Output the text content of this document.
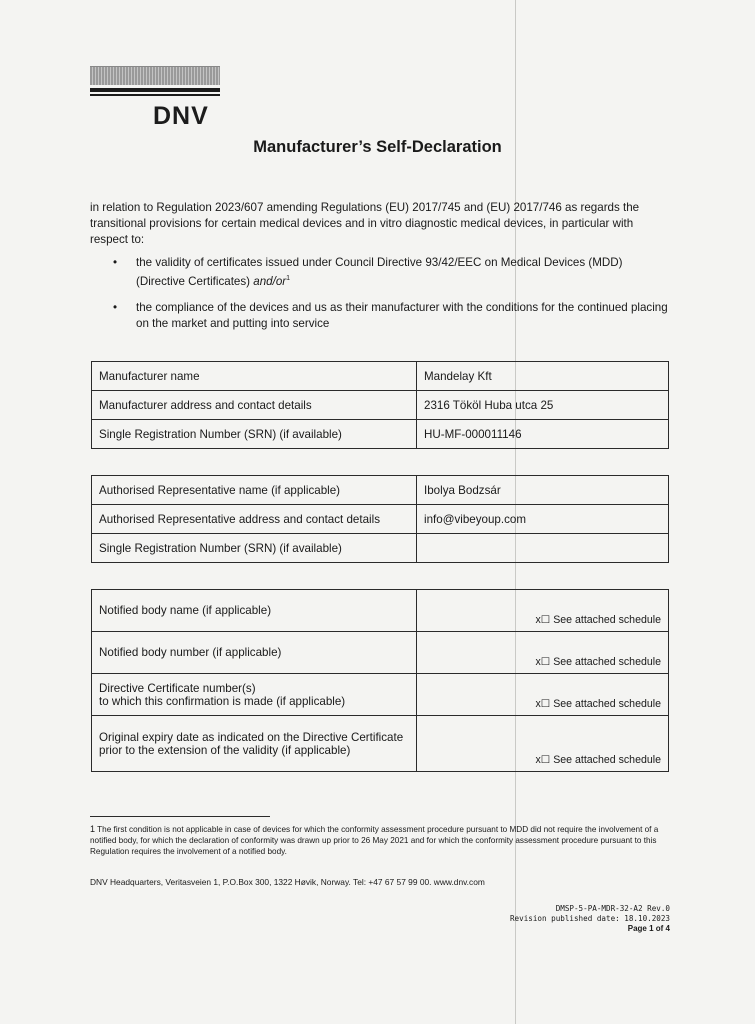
DNV
Manufacturer’s Self-Declaration
in relation to Regulation 2023/607 amending Regulations (EU) 2017/745 and (EU) 2017/746 as regards the transitional provisions for certain medical devices and in vitro diagnostic medical devices, in particular with respect to:
• the validity of certificates issued under Council Directive 93/42/EEC on Medical Devices (MDD) (Directive Certificates) and/$or^1$
• the compliance of the devices and us as their manufacturer with the conditions for the continued placing on the market and putting into service
Manufacturer name	Mandelay Kft
Manufacturer address and contact details	2316 Tököl Huba utca 25
Single Registration Number (SRN) (if available)	HU-MF-000011146
Authorised Representative name (if applicable)	Ibolya Bodzsár
Authorised Representative address and contact details	info@vibeyoup.com
Single Registration Number (SRN) (if available)	
Notified body name (if applicable)	x☐ See attached schedule
Notified body number (if applicable)	x☐ See attached schedule
Directive Certificate number(s)
to which this confirmation is made (if applicable)	x☐ See attached schedule
Original expiry date as indicated on the Directive Certificate prior to the extension of the validity (if applicable)	x☐ See attached schedule
$^1$ The first condition is not applicable in case of devices for which the conformity assessment procedure pursuant to MDD did not require the involvement of a notified body, for which the declaration of conformity was drawn up prior to 26 May 2021 and for which the conformity assessment procedure pursuant to this Regulation requires the involvement of a notified body.
DNV Headquarters, Veritasveien 1, P.O.Box 300, 1322 Høvik, Norway. Tel: +47 67 57 99 00. www.dnv.com
DMSP-5-PA-MDR-32-A2 Rev.0
Revision published date: 18.10.2023
Page 1 of 4
